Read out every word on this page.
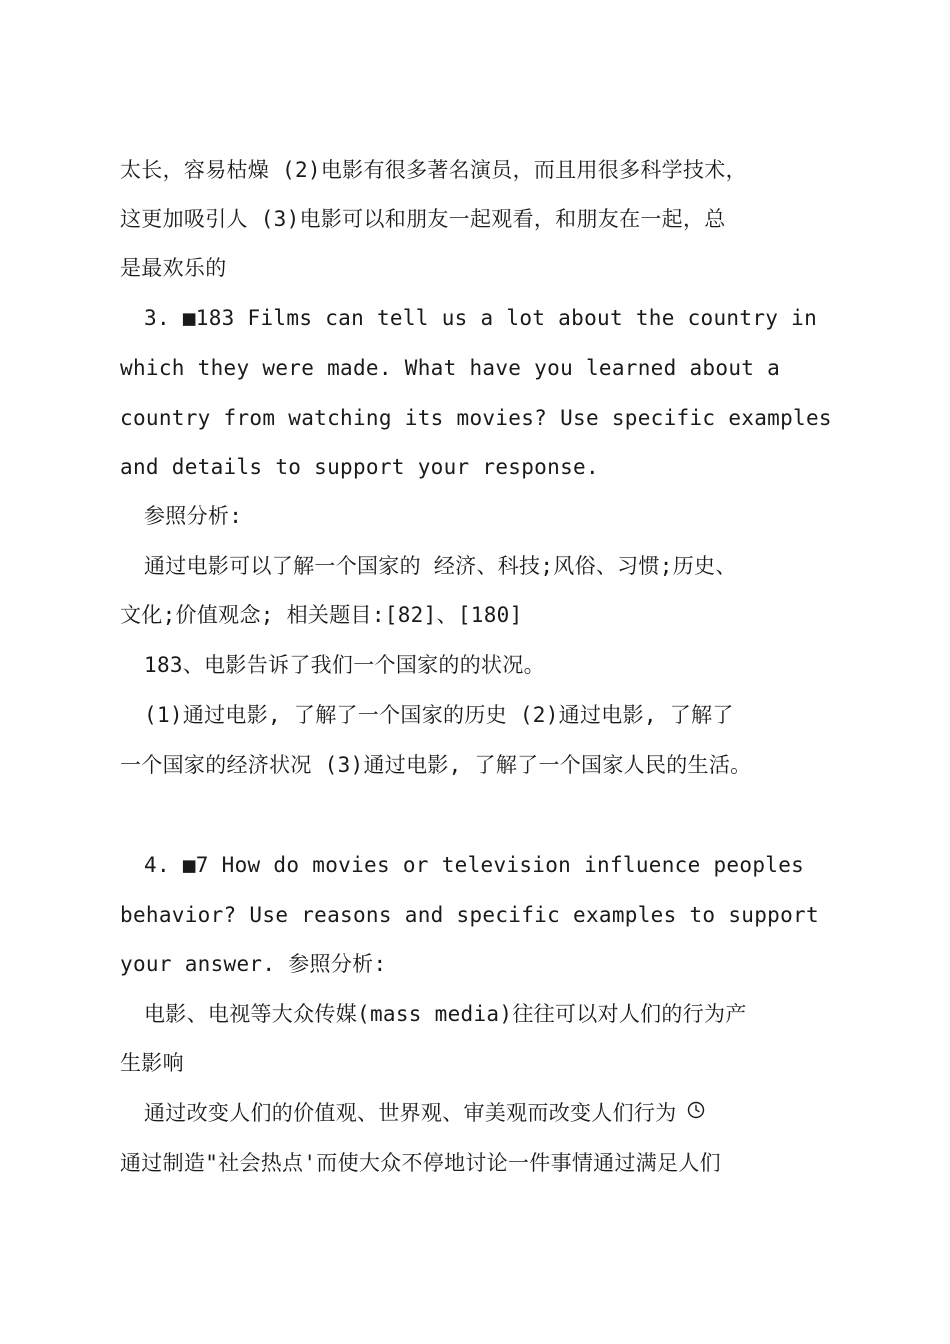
太长，容易枯燥 (2)电影有很多著名演员，而且用很多科学技术，
这更加吸引人 (3)电影可以和朋友一起观看，和朋友在一起，总
是最欢乐的
3. ■183 Films can tell us a lot about the country in
which they were made. What have you learned about a
country from watching its movies? Use specific examples
and details to support your response.
参照分析:
通过电影可以了解一个国家的 经济、科技;风俗、习惯;历史、
文化;价值观念; 相关题目:[82]、[180]
183、电影告诉了我们一个国家的的状况。
(1)通过电影, 了解了一个国家的历史 (2)通过电影, 了解了
一个国家的经济状况 (3)通过电影, 了解了一个国家人民的生活。
4. ■7 How do movies or television influence peoples
behavior? Use reasons and specific examples to support
your answer. 参照分析:
电影、电视等大众传媒(mass media)往往可以对人们的行为产
生影响
通过改变人们的价值观、世界观、审美观而改变人们行为
通过制造"社会热点'而使大众不停地讨论一件事情通过满足人们
